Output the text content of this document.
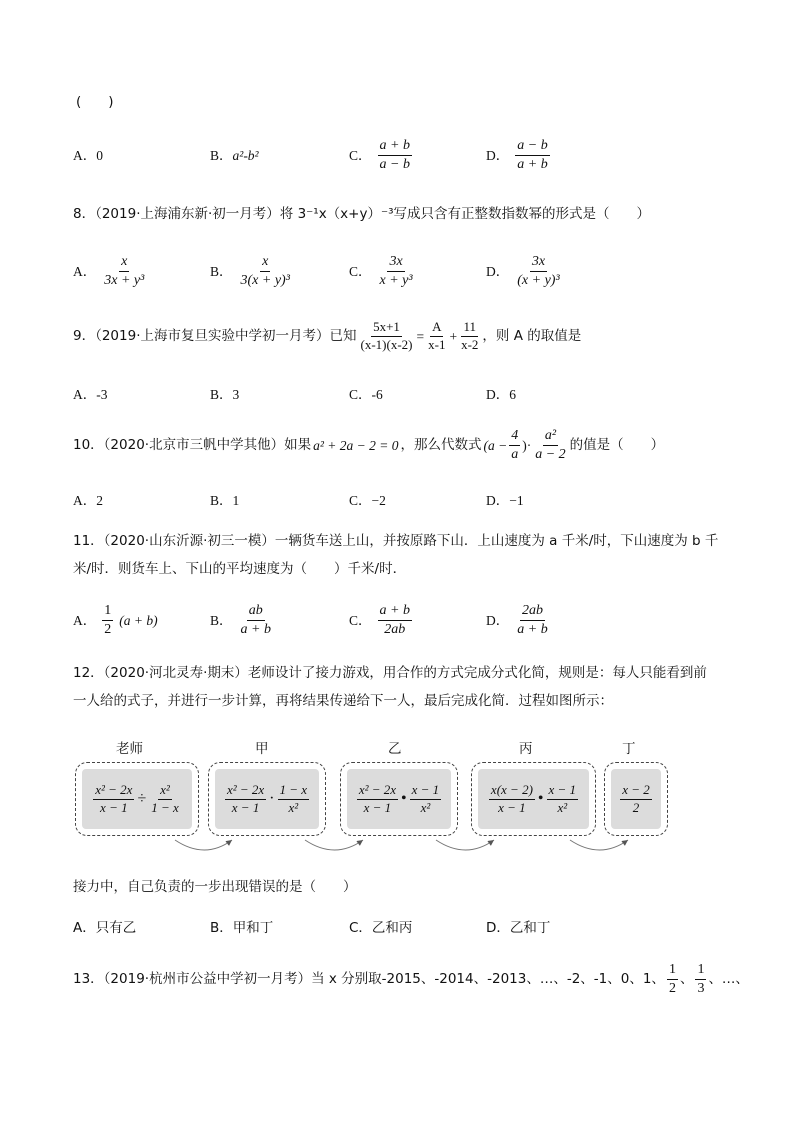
(　　)
A．0	B．a²-b²	C． $\frac{a + b}{a - b}$	D． $\frac{a - b}{a + b}$
8．（2019·上海浦东新·初一月考）将 3⁻¹x（x+y）⁻³写成只含有正整数指数幂的形式是（　　）
A． $\frac{x}{\text{3x + y³}}$	B． $\frac{x}{\text{3(x + y)³}}$	C． $\frac{3x}{\text{x + y³}}$	D． $\frac{3x}{\text{(x + y)³}}$
9．（2019·上海市复旦实验中学初一月考）已知 $\frac{5x+1}{(x-1)(x-2)} = \frac{A}{x-1} + \frac{11}{x-2}$ ，则 A 的取值是
A．-3	B．3	C．-6	D．6
10．（2020·北京市三帆中学其他）如果 a² + 2a − 2 = 0 ，那么代数式 ($a - \frac{4}{a}$ )· $\frac{\text{a²}}{a - 2}$ 的值是（　　）
A．2	B．1	C．−2	D．−1
11．（2020·山东沂源·初三一模）一辆货车送上山，并按原路下山．上山速度为 a 千米/时，下山速度为 b 千
米/时．则货车上、下山的平均速度为（　　）千米/时．
A． $\frac{1}{2} (a + b)$	B． $\frac{ab}{a + b}$	C． $\frac{a + b}{2ab}$	D． $\frac{2ab}{a + b}$
12．（2020·河北灵寿·期末）老师设计了接力游戏，用合作的方式完成分式化简，规则是：每人只能看到前
一人给的式子，并进行一步计算，再将结果传递给下一人，最后完成化简．过程如图所示：
老师	甲	乙	丙	丁
$\frac{\text{x² − 2x}}{x - 1} \div \frac{\text{x²}}{1 - x}$	$\frac{\text{x² − 2x}}{x - 1} \cdot \frac{1 - x}{\text{x²}}$	$\frac{\text{x² − 2x}}{x - 1}$ • $\frac{x - 1}{\text{x²}}$	$\frac{x(x - 2)}{x - 1}$ • $\frac{x - 1}{\text{x²}}$	$\frac{x - 2}{2}$
接力中，自己负责的一步出现错误的是（　　）
A．只有乙	B．甲和丁	C．乙和丙	D．乙和丁
13．（2019·杭州市公益中学初一月考）当 x 分别取-2015、-2014、-2013、…、-2、-1、0、1、 $\frac{1}{2}$ 、 $\frac{1}{3}$ 、…、
